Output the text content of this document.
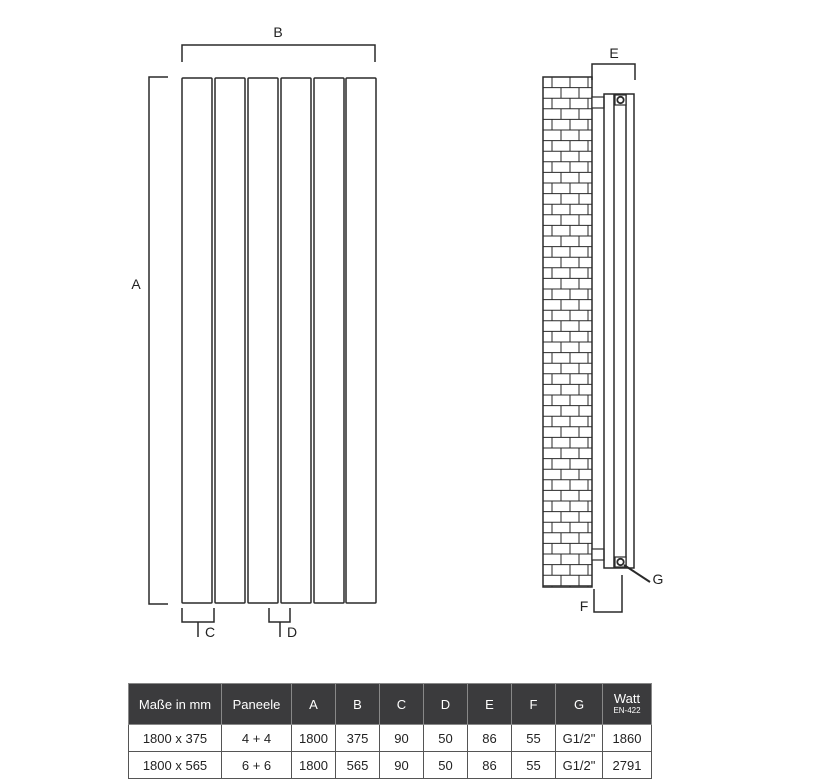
B
A
C	D
E
F
G
Maße in mm	Paneele	A	B	C	D	E	F	G	Watt
EN-422

1800 x 375	4 + 4	1800	375	90	50	86	55	G1/2"	1860
1800 x 565	6 + 6	1800	565	90	50	86	55	G1/2"	2791
